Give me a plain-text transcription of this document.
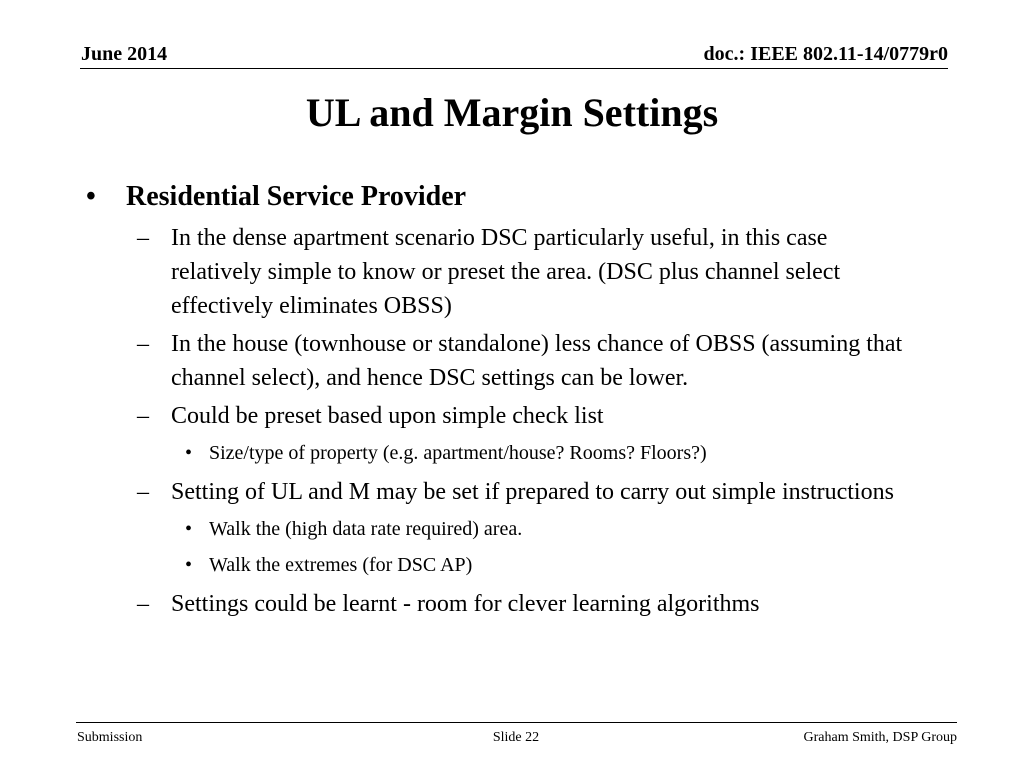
June 2014	doc.: IEEE 802.11-14/0779r0
UL and Margin Settings
• Residential Service Provider
– In the dense apartment scenario DSC particularly useful, in this case relatively simple to know or preset the area. (DSC plus channel select effectively eliminates OBSS)
– In the house (townhouse or standalone) less chance of OBSS (assuming that channel select), and hence DSC settings can be lower.
– Could be preset based upon simple check list
• Size/type of property (e.g. apartment/house? Rooms? Floors?)
– Setting of UL and M may be set if prepared to carry out simple instructions
• Walk the (high data rate required) area.
• Walk the extremes (for DSC AP)
– Settings could be learnt - room for clever learning algorithms
Submission	Slide 22	Graham Smith, DSP Group
